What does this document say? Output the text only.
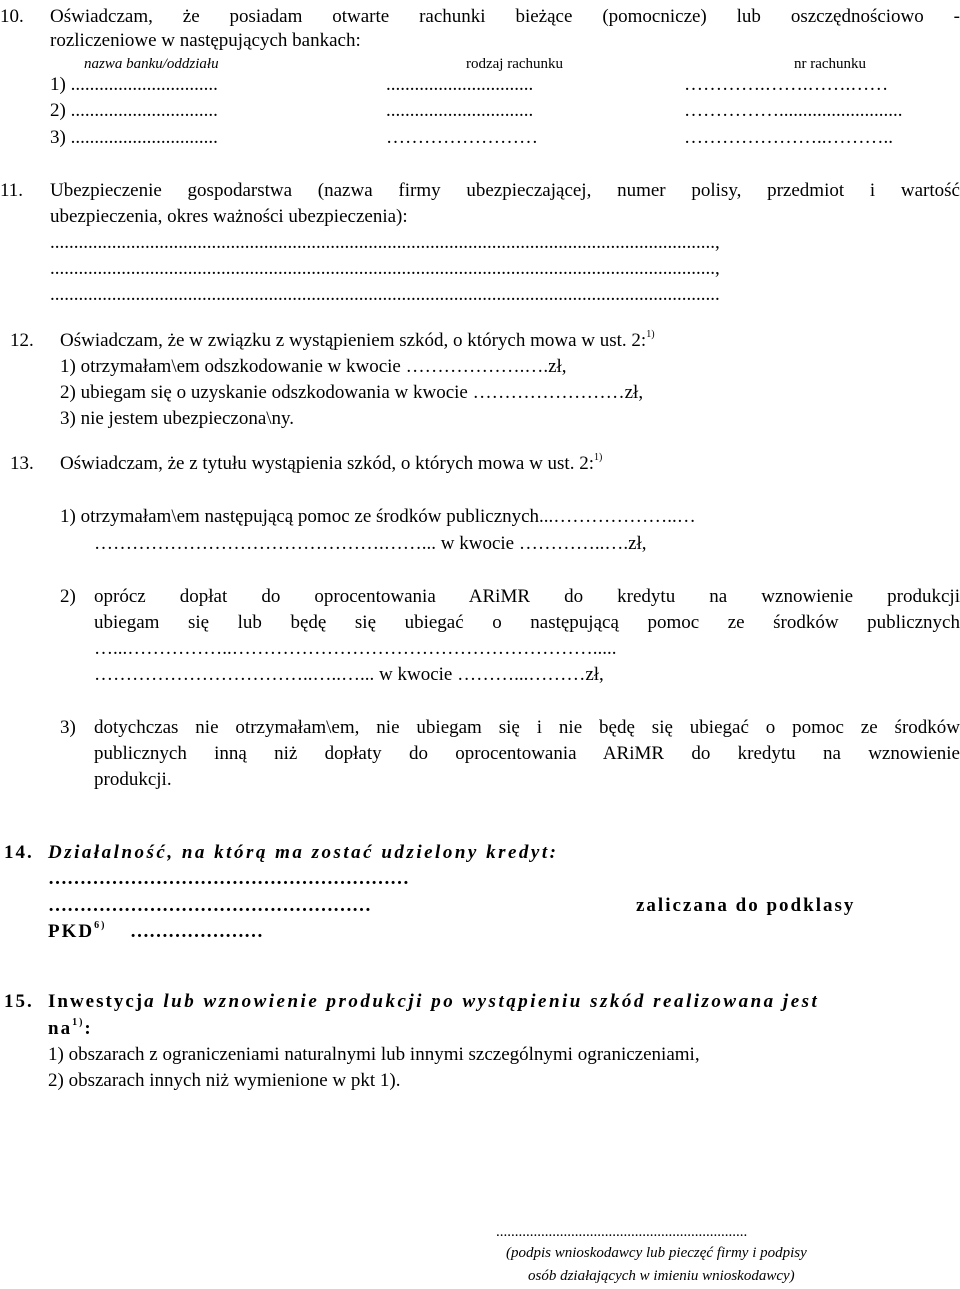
10. Oświadczam, że posiadam otwarte rachunki bieżące (pomocnicze) lub oszczędnościowo -
rozliczeniowe w następujących bankach:
nazwa banku/oddziału	rodzaj rachunku	nr rachunku
1) ...............................	...............................	………….…….…….……
2) ...............................	...............................	……………..........................
3) ...............................	……………………	…………………..………..
11. Ubezpieczenie gospodarstwa (nazwa firmy ubezpieczającej, numer polisy, przedmiot i wartość
ubezpieczenia, okres ważności ubezpieczenia):
............................................................................................................................................,
............................................................................................................................................,
.............................................................................................................................................
12. Oświadczam, że w związku z wystąpieniem szkód, o których mowa w ust. 2:$^{1)}$
1) otrzymałam\em odszkodowanie w kwocie ……………….….zł,
2) ubiegam się o uzyskanie odszkodowania w kwocie ……………………zł,
3) nie jestem ubezpieczona\ny.
13. Oświadczam, że z tytułu wystąpienia szkód, o których mowa w ust. 2:$^{1)}$
1) otrzymałam\em następującą pomoc ze środków publicznych...………………..…
……………………………………….……... w kwocie …………..….zł,
2) oprócz dopłat do oprocentowania ARiMR do kredytu na wznowienie produkcji
ubiegam się lub będę się ubiegać o następującą pomoc ze środków publicznych
…...……………..………………………………………………….....
……………………………..…..…... w kwocie ………...………zł,
3) dotychczas nie otrzymałam\em, nie ubiegam się i nie będę się ubiegać o pomoc ze środków
publicznych inną niż dopłaty do oprocentowania ARiMR do kredytu na wznowienie
produkcji.
14. Działalność, na którą ma zostać udzielony kredyt:
…………………………………………………
……………………………………………	zaliczana do podklasy
PKD$^{6)}$ …………………
15. Inwestycja lub wznowienie produkcji po wystąpieniu szkód realizowana jest
$na^{1)}$:
1) obszarach z ograniczeniami naturalnymi lub innymi szczególnymi ograniczeniami,
2) obszarach innych niż wymienione w pkt 1).
...................................................................
(podpis wnioskodawcy lub pieczęć firmy i podpisy
osób działających w imieniu wnioskodawcy)
